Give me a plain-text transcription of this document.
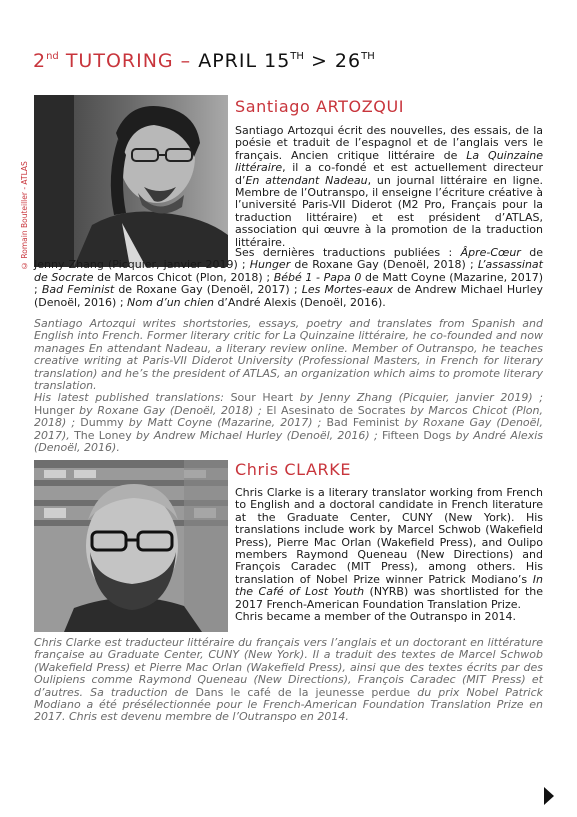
2nd TUTORING – APRIL 15TH > 26TH
© Romain Bouteiller - ATLAS
Santiago ARTOZQUI

Santiago Artozqui écrit des nouvelles, des essais, de la poésie et traduit de l’espagnol et de l’anglais vers le français. Ancien critique littéraire de La Quinzaine littéraire, il a co-fondé et est actuellement directeur d’En attendant Nadeau, un journal littéraire en ligne. Membre de l’Outranspo, il enseigne l’écriture créative à l’université Paris-VII Diderot (M2 Pro, Français pour la traduction littéraire) et est président d’ATLAS, association qui œuvre à la promotion de la traduction littéraire.

Ses dernières traductions publiées : Âpre-Cœur de Jenny Zhang (Picquier, janvier 2019) ; Hunger de Roxane Gay (Denoël, 2018) ; L’assassinat de Socrate de Marcos Chicot (Plon, 2018) ; Bébé 1 - Papa 0 de Matt Coyne (Mazarine, 2017) ; Bad Feminist de Roxane Gay (Denoël, 2017) ; Les Mortes-eaux de Andrew Michael Hurley (Denoël, 2016) ; Nom d’un chien d’André Alexis (Denoël, 2016).

Santiago Artozqui writes shortstories, essays, poetry and translates from Spanish and English into French. Former literary critic for La Quinzaine littéraire, he co-founded and now manages En attendant Nadeau, a literary review online. Member of Outranspo, he teaches creative writing at Paris-VII Diderot University (Professional Masters, in French for literary translation) and he’s the president of ATLAS, an organization which aims to promote literary translation.

His latest published translations: Sour Heart by Jenny Zhang (Picquier, janvier 2019) ; Hunger by Roxane Gay (Denoël, 2018) ; El Asesinato de Socrates by Marcos Chicot (Plon, 2018) ; Dummy by Matt Coyne (Mazarine, 2017) ; Bad Feminist by Roxane Gay (Denoël, 2017), The Loney by Andrew Michael Hurley (Denoël, 2016) ; Fifteen Dogs by André Alexis (Denoël, 2016).

Chris CLARKE

Chris Clarke is a literary translator working from French to English and a doctoral candidate in French literature at the Graduate Center, CUNY (New York). His translations include work by Marcel Schwob (Wakefield Press), Pierre Mac Orlan (Wakefield Press), and Oulipo members Raymond Queneau (New Directions) and François Caradec (MIT Press), among others. His translation of Nobel Prize winner Patrick Modiano’s In the Café of Lost Youth (NYRB) was shortlisted for the 2017 French-American Foundation Translation Prize.

Chris became a member of the Outranspo in 2014.

Chris Clarke est traducteur littéraire du français vers l’anglais et un doctorant en littérature française au Graduate Center, CUNY (New York). Il a traduit des textes de Marcel Schwob (Wakefield Press) et Pierre Mac Orlan (Wakefield Press), ainsi que des textes écrits par des Oulipiens comme Raymond Queneau (New Directions), François Caradec (MIT Press) et d’autres. Sa traduction de Dans le café de la jeunesse perdue du prix Nobel Patrick Modiano a été présélectionnée pour le French-American Foundation Translation Prize en 2017. Chris est devenu membre de l’Outranspo en 2014.
